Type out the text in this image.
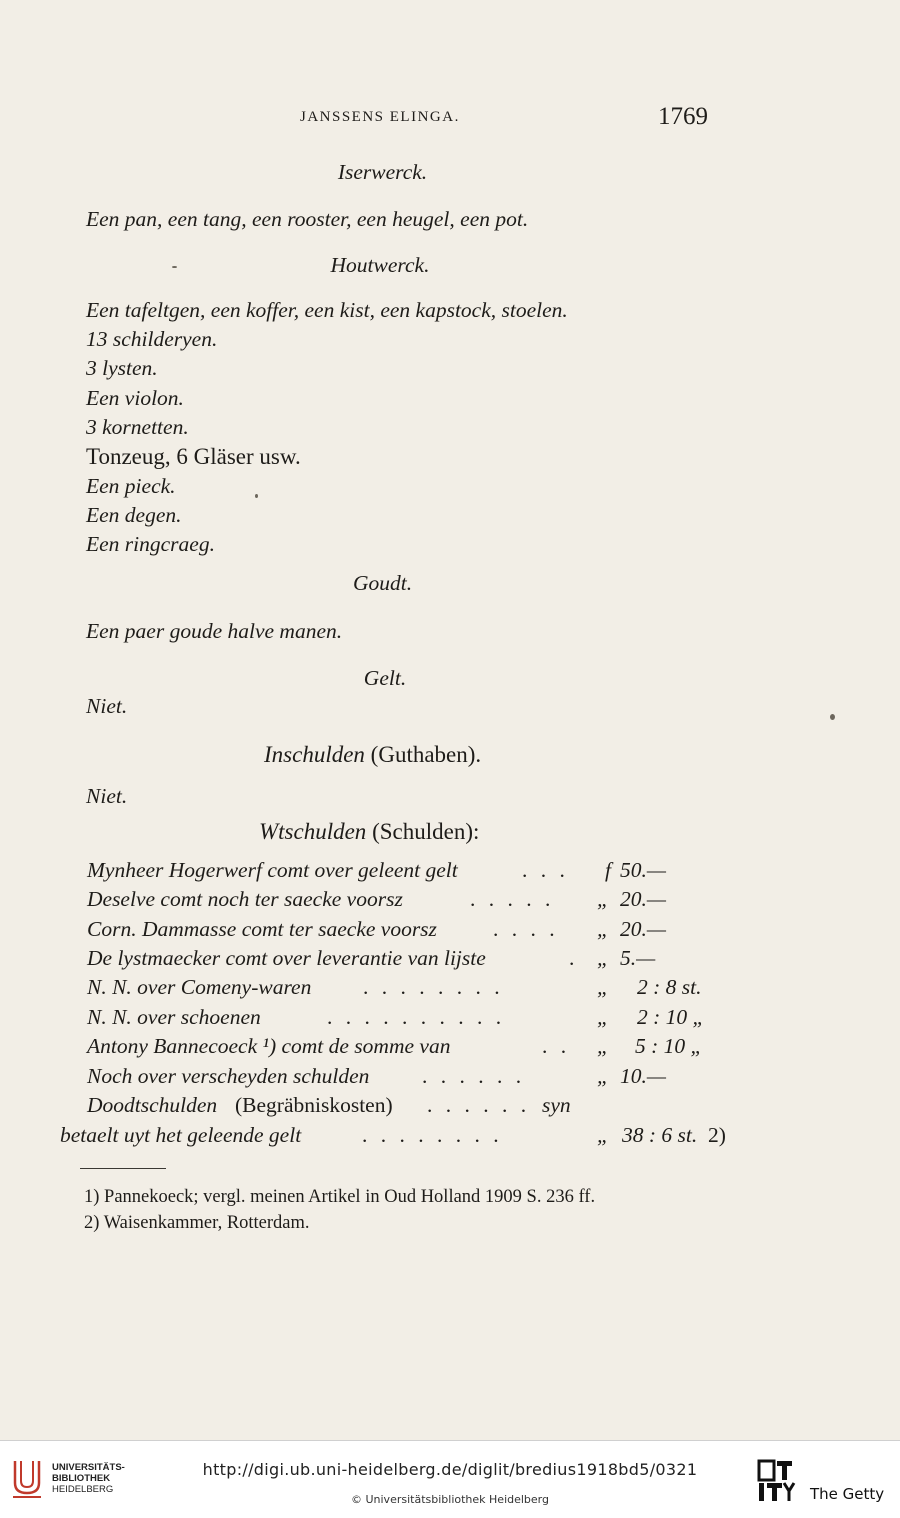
JANSSENS ELINGA.	1769
Iserwerck.
Een pan, een tang, een rooster, een heugel, een pot.
Houtwerck.
Een tafeltgen, een koffer, een kist, een kapstock, stoelen.
13 schilderyen.
3 lysten.
Een violon.
3 kornetten.
Tonzeug, 6 Gläser usw.
Een pieck.
Een degen.
Een ringcraeg.
Goudt.
Een paer goude halve manen.
Gelt.
Niet.
Inschulden (Guthaben).
Niet.
Wtschulden (Schulden):
Mynheer Hogerwerf comt over geleent gelt	. . . f 50.—
Deselve comt noch ter saecke voorsz	. . . . . „ 20.—
Corn. Dammasse comt ter saecke voorsz	. . . . „ 20.—
De lystmaecker comt over leverantie van lijste	. „ 5.—
N. N. over Comeny-waren . . . . . . . .	„ 2 : 8 st.
N. N. over schoenen	. . . . . . . . . .	„ 2 : 10 „
Antony Bannecoeck ¹) comt de somme van	. . „ 5 : 10 „
Noch over verscheyden schulden . . . . . .	„ 10.—
Doodtschulden (Begräbniskosten) . . . . . . syn
betaelt uyt het geleende gelt	. . . . . . . .	„ 38 : 6 st. 2)
1) Pannekoeck; vergl. meinen Artikel in Oud Holland 1909 S. 236 ff.
2) Waisenkammer, Rotterdam.
UNIVERSITÄTS-
BIBLIOTHEK
HEIDELBERG
http://digi.ub.uni-heidelberg.de/diglit/bredius1918bd5/0321
© Universitätsbibliothek Heidelberg	The Getty
